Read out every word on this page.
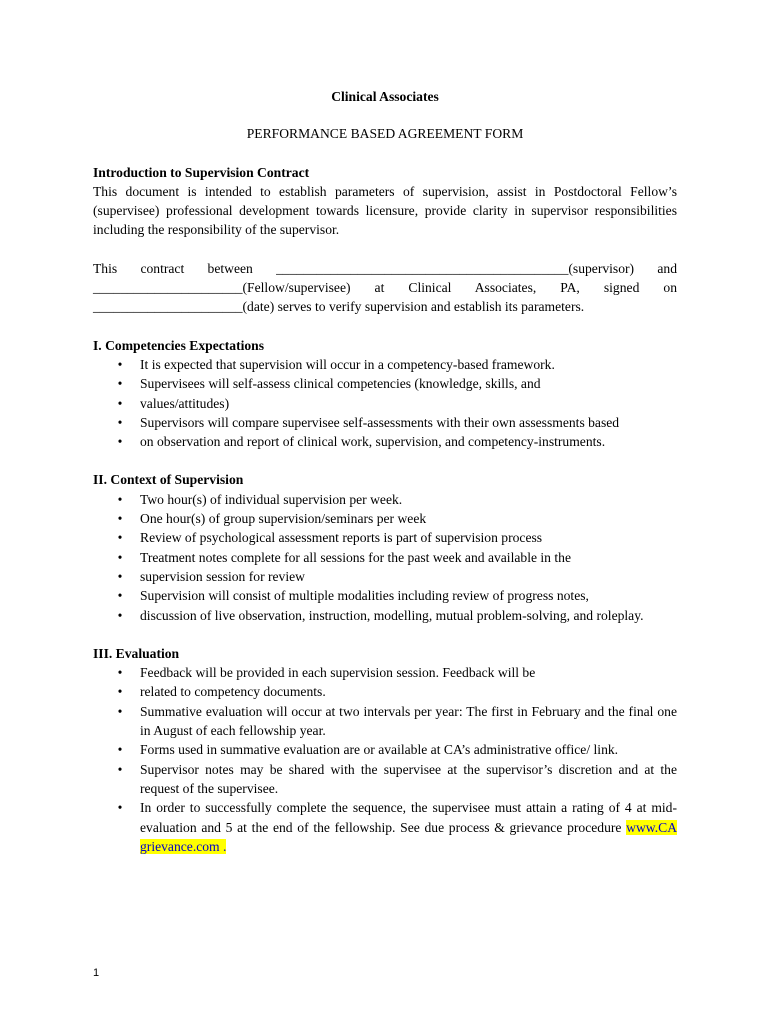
Clinical Associates
PERFORMANCE BASED AGREEMENT FORM
Introduction to Supervision Contract

This document is intended to establish parameters of supervision, assist in Postdoctoral Fellow’s (supervisee) professional development towards licensure, provide clarity in supervisor responsibilities including the responsibility of the supervisor.

This contract between ___________________________________________(supervisor) and
______________________(Fellow/supervisee) at Clinical Associates, PA, signed on
______________________(date) serves to verify supervision and establish its parameters.
I. Competencies Expectations
• It is expected that supervision will occur in a competency-based framework.
• Supervisees will self-assess clinical competencies (knowledge, skills, and
• values/attitudes)
• Supervisors will compare supervisee self-assessments with their own assessments based
• on observation and report of clinical work, supervision, and competency-instruments.
II. Context of Supervision
• Two hour(s) of individual supervision per week.
• One hour(s) of group supervision/seminars per week
• Review of psychological assessment reports is part of supervision process
• Treatment notes complete for all sessions for the past week and available in the
• supervision session for review
• Supervision will consist of multiple modalities including review of progress notes,
• discussion of live observation, instruction, modelling, mutual problem-solving, and roleplay.
III. Evaluation
• Feedback will be provided in each supervision session. Feedback will be
• related to competency documents.
• Summative evaluation will occur at two intervals per year: The first in February and the final one in August of each fellowship year.
• Forms used in summative evaluation are or available at CA’s administrative office/ link.
• Supervisor notes may be shared with the supervisee at the supervisor’s discretion and at the request of the supervisee.
• In order to successfully complete the sequence, the supervisee must attain a rating of 4 at mid-evaluation and 5 at the end of the fellowship. See due process & grievance procedure www.CA grievance.com .
1
